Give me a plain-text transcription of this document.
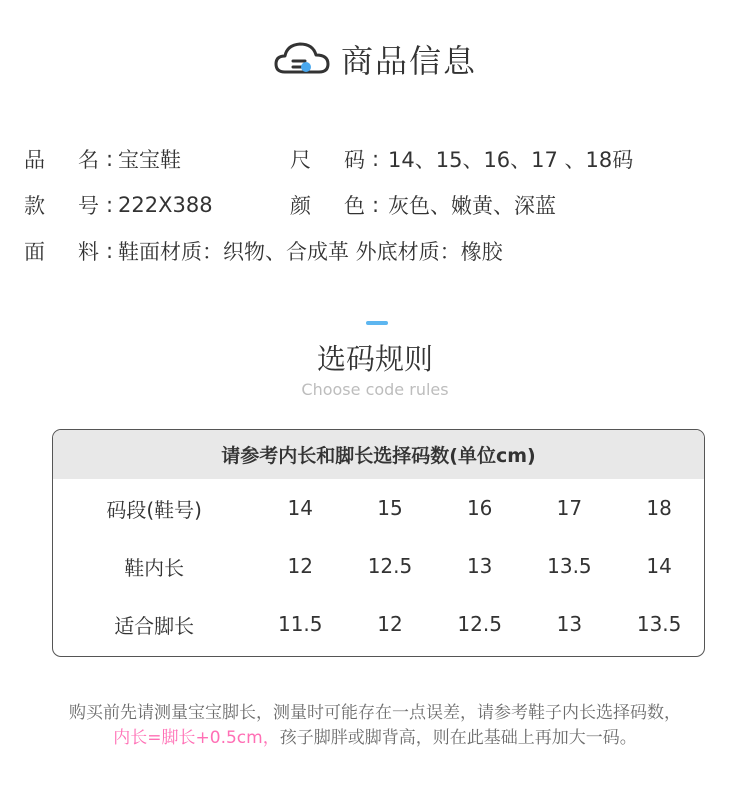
商品信息
品	名 : 宝宝鞋	尺	码 : 14、15、16、17 、18码
款	号 : 222X388	颜	色 : 灰色、嫩黄、深蓝
面	料 : 鞋面材质：织物、合成革 外底材质：橡胶
选码规则
Choose code rules
请参考内长和脚长选择码数(单位cm)
码段(鞋号)	14	15	16	17	18
鞋内长	12	12.5	13	13.5	14
适合脚长	11.5	12	12.5	13	13.5
购买前先请测量宝宝脚长，测量时可能存在一点误差，请参考鞋子内长选择码数，
内长=脚长+0.5cm，孩子脚胖或脚背高，则在此基础上再加大一码。
